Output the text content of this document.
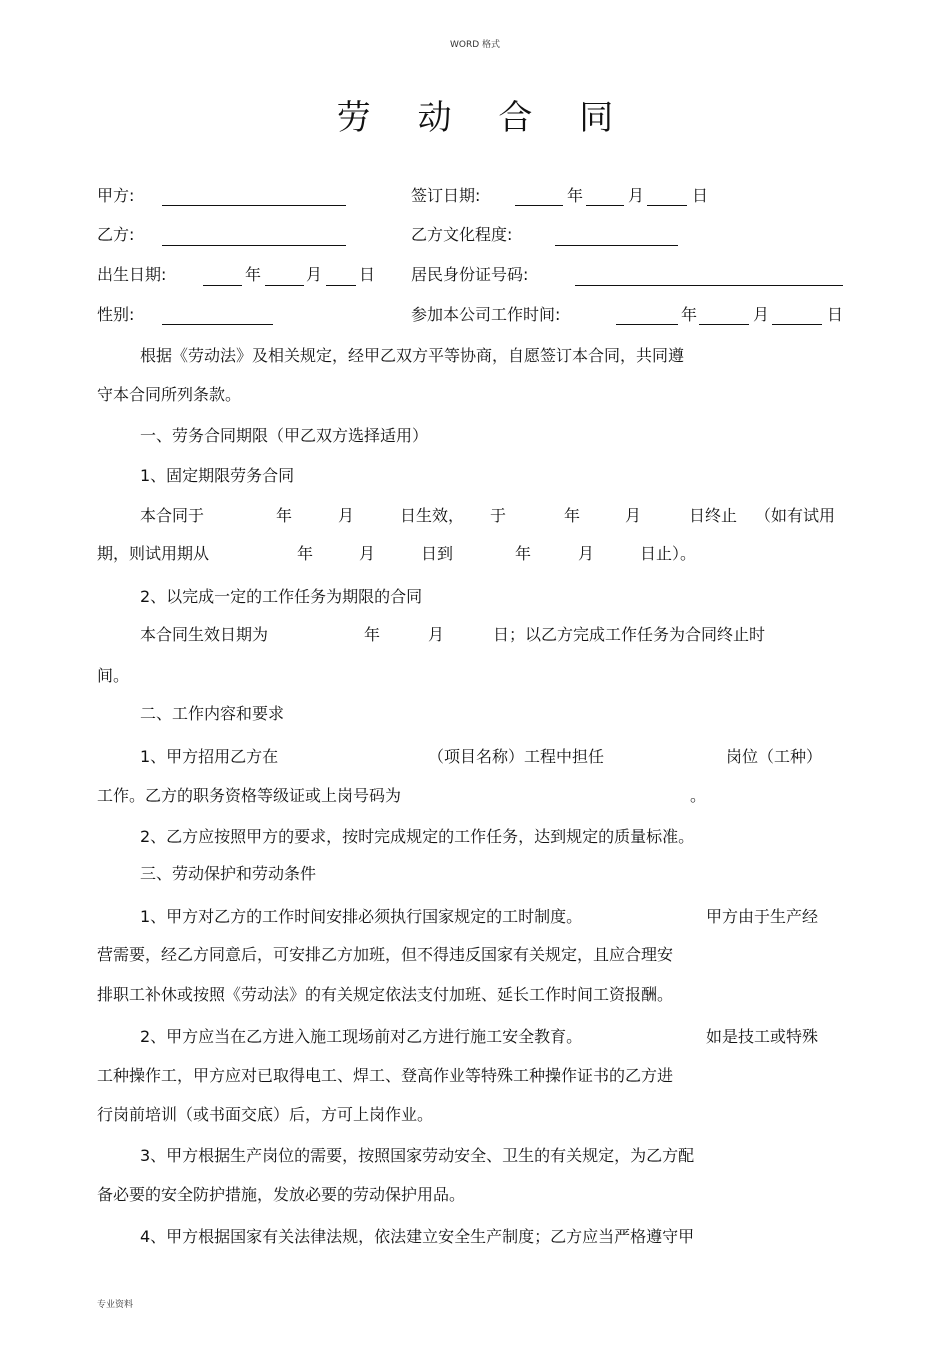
WORD 格式
劳 动 合 同
甲方:	签订日期:	年	月	日
乙方:	乙方文化程度:
出生日期:	年	月 日 居民身份证号码:
性别:	参加本公司工作时间:	年	月	日
根据《劳动法》及相关规定，经甲乙双方平等协商，自愿签订本合同，共同遵
守本合同所列条款。
一、劳务合同期限（甲乙双方选择适用）
1、固定期限劳务合同
本合同于	年	月	日生效， 于	年	月	日终止 （如有试用
期，则试用期从	年	月	日到	年	月	日止）。
2、以完成一定的工作任务为期限的合同
本合同生效日期为	年	月	日；以乙方完成工作任务为合同终止时
间。
二、工作内容和要求
1、甲方招用乙方在	（项目名称）工程中担任	岗位（工种）
工作。乙方的职务资格等级证或上岗号码为	。
2、乙方应按照甲方的要求，按时完成规定的工作任务，达到规定的质量标准。
三、劳动保护和劳动条件
1、甲方对乙方的工作时间安排必须执行国家规定的工时制度。	甲方由于生产经
营需要，经乙方同意后，可安排乙方加班，但不得违反国家有关规定，且应合理安
排职工补休或按照《劳动法》的有关规定依法支付加班、延长工作时间工资报酬。
2、甲方应当在乙方进入施工现场前对乙方进行施工安全教育。	如是技工或特殊
工种操作工，甲方应对已取得电工、焊工、登高作业等特殊工种操作证书的乙方进
行岗前培训（或书面交底）后，方可上岗作业。
3、甲方根据生产岗位的需要，按照国家劳动安全、卫生的有关规定，为乙方配
备必要的安全防护措施，发放必要的劳动保护用品。
4、甲方根据国家有关法律法规，依法建立安全生产制度；乙方应当严格遵守甲
专业资料
